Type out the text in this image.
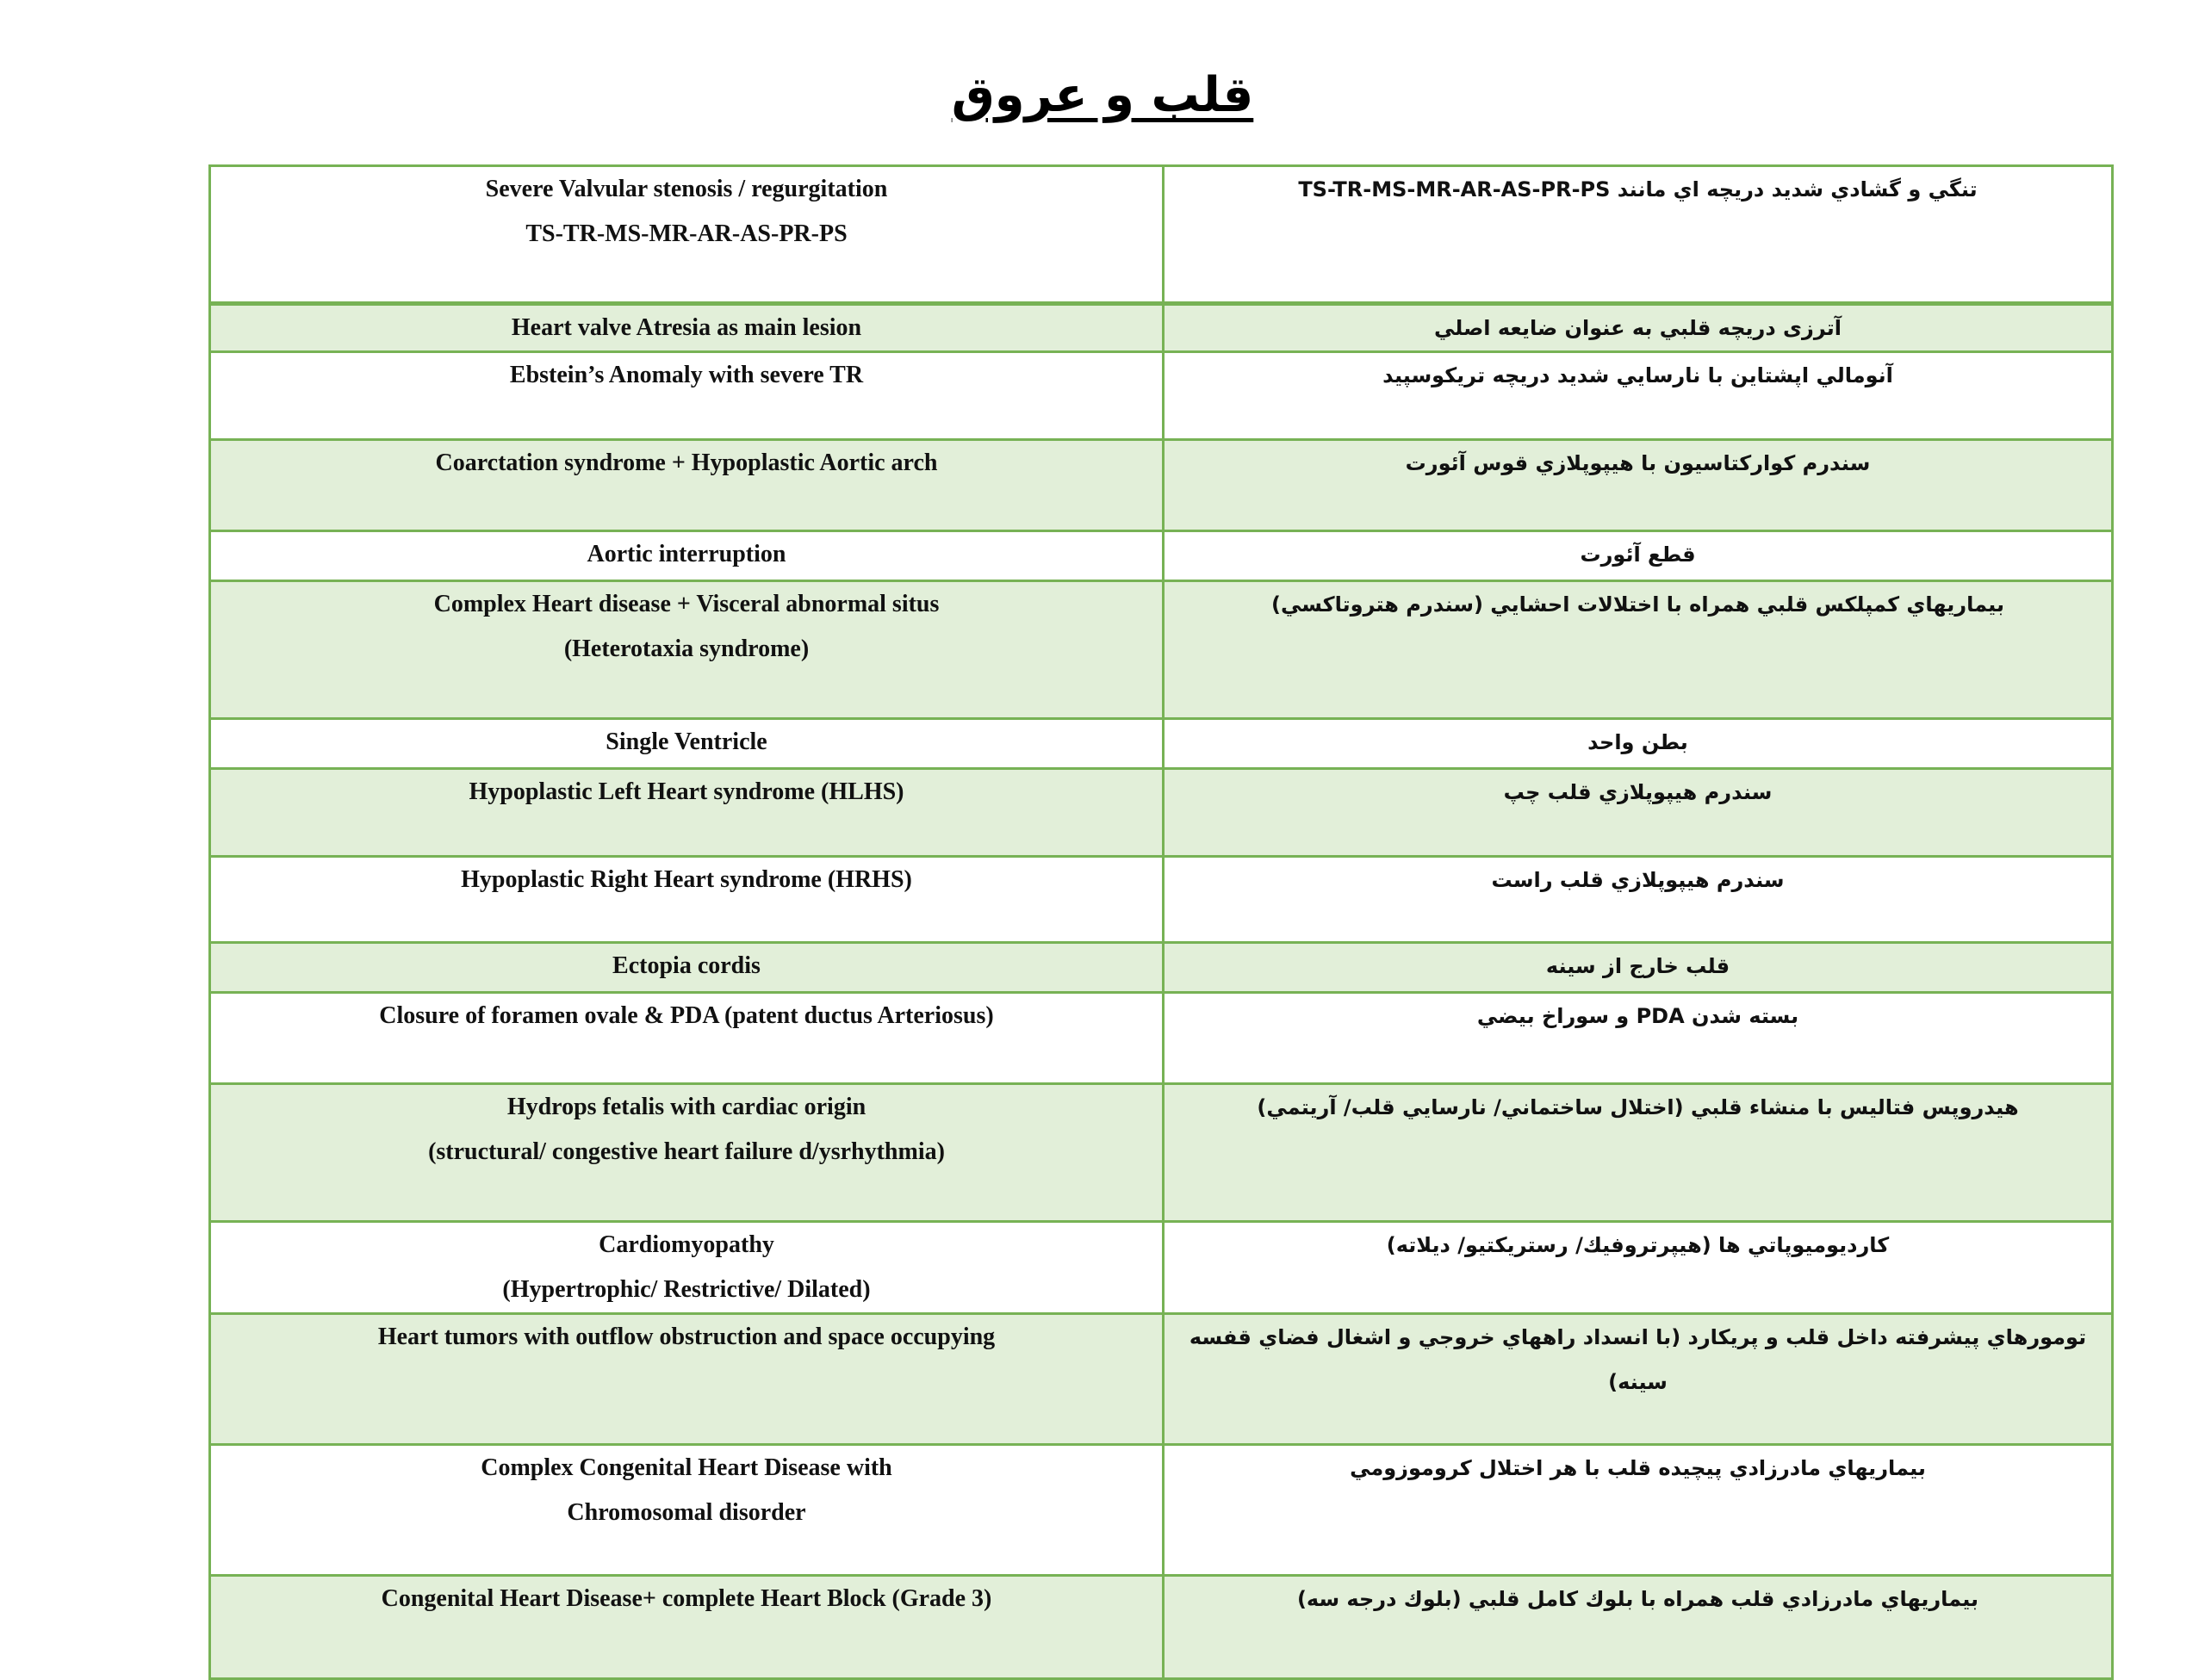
قلب و عروق
Severe Valvular stenosis / regurgitation
TS-TR-MS-MR-AR-AS-PR-PS	تنگي و گشادي شديد دريچه اي مانند TS-TR-MS-MR-AR-AS-PR-PS

Heart valve Atresia as main lesion	آترزی دريچه قلبي به عنوان ضايعه اصلي

Ebstein’s Anomaly with severe TR	آنومالي اپشتاين با نارسايي شديد دريچه تريكوسپيد

Coarctation syndrome + Hypoplastic Aortic arch	سندرم كواركتاسيون با هيپوپلازي قوس آئورت

Aortic interruption	قطع آئورت

Complex Heart disease + Visceral abnormal situs
(Heterotaxia syndrome)	بيماريهاي كمپلكس قلبي همراه با اختلالات احشايي (سندرم هتروتاكسي)

Single Ventricle	بطن واحد

Hypoplastic Left Heart syndrome (HLHS)	سندرم هيپوپلازي قلب چپ

Hypoplastic Right Heart syndrome (HRHS)	سندرم هيپوپلازي قلب راست

Ectopia cordis	قلب خارج از سينه

Closure of foramen ovale & PDA (patent ductus Arteriosus)	بسته شدن PDA و سوراخ بيضي

Hydrops fetalis with cardiac origin
(structural/ congestive heart failure d/ysrhythmia)	هيدروپس فتاليس با منشاء قلبي (اختلال ساختماني/ نارسايي قلب/ آريتمي)

Cardiomyopathy
(Hypertrophic/ Restrictive/ Dilated)	كارديوميوپاتي ها (هيپرتروفيك/ رستريكتيو/ ديلاته)

Heart tumors with outflow obstruction and space occupying	تومورهاي پيشرفته داخل قلب و پريكارد (با انسداد راههاي خروجي و اشغال فضاي قفسه سينه)

Complex Congenital Heart Disease with
Chromosomal disorder	بيماريهاي مادرزادي پيچيده قلب با هر اختلال كروموزومي

Congenital Heart Disease+ complete Heart Block (Grade 3)	بيماريهاي مادرزادي قلب همراه با بلوك كامل قلبي (بلوك درجه سه)
